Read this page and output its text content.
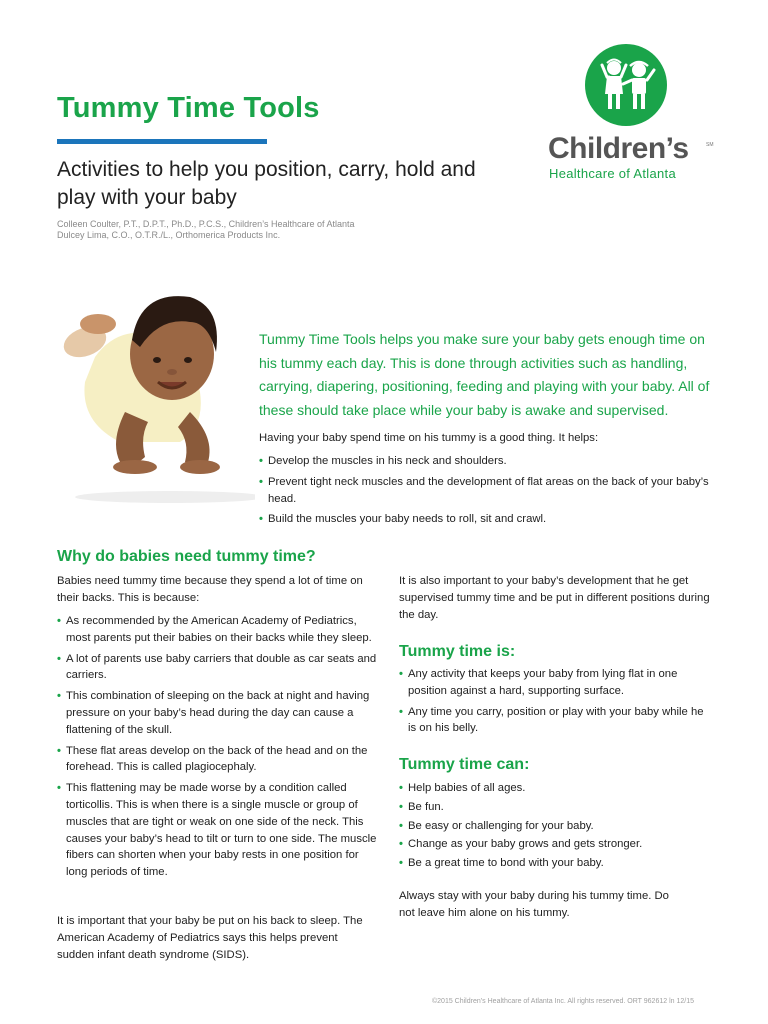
Tummy Time Tools
Activities to help you position, carry, hold and play with your baby
Colleen Coulter, P.T., D.P.T., Ph.D., P.C.S., Children’s Healthcare of Atlanta
Dulcey Lima, C.O., O.T.R./L., Orthomerica Products Inc.
Children’s	SM
Healthcare of Atlanta

Tummy Time Tools helps you make sure your baby gets enough time on his tummy each day. This is done through activities such as handling, carrying, diapering, positioning, feeding and playing with your baby. All of these should take place while your baby is awake and supervised.

Having your baby spend time on his tummy is a good thing. It helps:

• Develop the muscles in his neck and shoulders.
• Prevent tight neck muscles and the development of flat areas on the back of your baby’s head.
• Build the muscles your baby needs to roll, sit and crawl.
Why do babies need tummy time?

Babies need tummy time because they spend a lot of time on their backs. This is because:

• As recommended by the American Academy of Pediatrics, most parents put their babies on their backs while they sleep.
• A lot of parents use baby carriers that double as car seats and carriers.
• This combination of sleeping on the back at night and having pressure on your baby’s head during the day can cause a flattening of the skull.
• These flat areas develop on the back of the head and on the forehead. This is called plagiocephaly.
• This flattening may be made worse by a condition called torticollis. This is when there is a single muscle or group of muscles that are tight or weak on one side of the neck. This causes your baby’s head to tilt or turn to one side. The muscle fibers can shorten when your baby rests in one position for long periods of time.

It is important that your baby be put on his back to sleep. The American Academy of Pediatrics says this helps prevent sudden infant death syndrome (SIDS).

It is also important to your baby’s development that he get supervised tummy time and be put in different positions during the day.

Tummy time is:
• Any activity that keeps your baby from lying flat in one position against a hard, supporting surface.
• Any time you carry, position or play with your baby while he is on his belly.
Tummy time can:
• Help babies of all ages.
• Be fun.
• Be easy or challenging for your baby.
• Change as your baby grows and gets stronger.
• Be a great time to bond with your baby.

Always stay with your baby during his tummy time. Do not leave him alone on his tummy.

©2015 Children’s Healthcare of Atlanta Inc. All rights reserved. ORT 962612 ln 12/15
